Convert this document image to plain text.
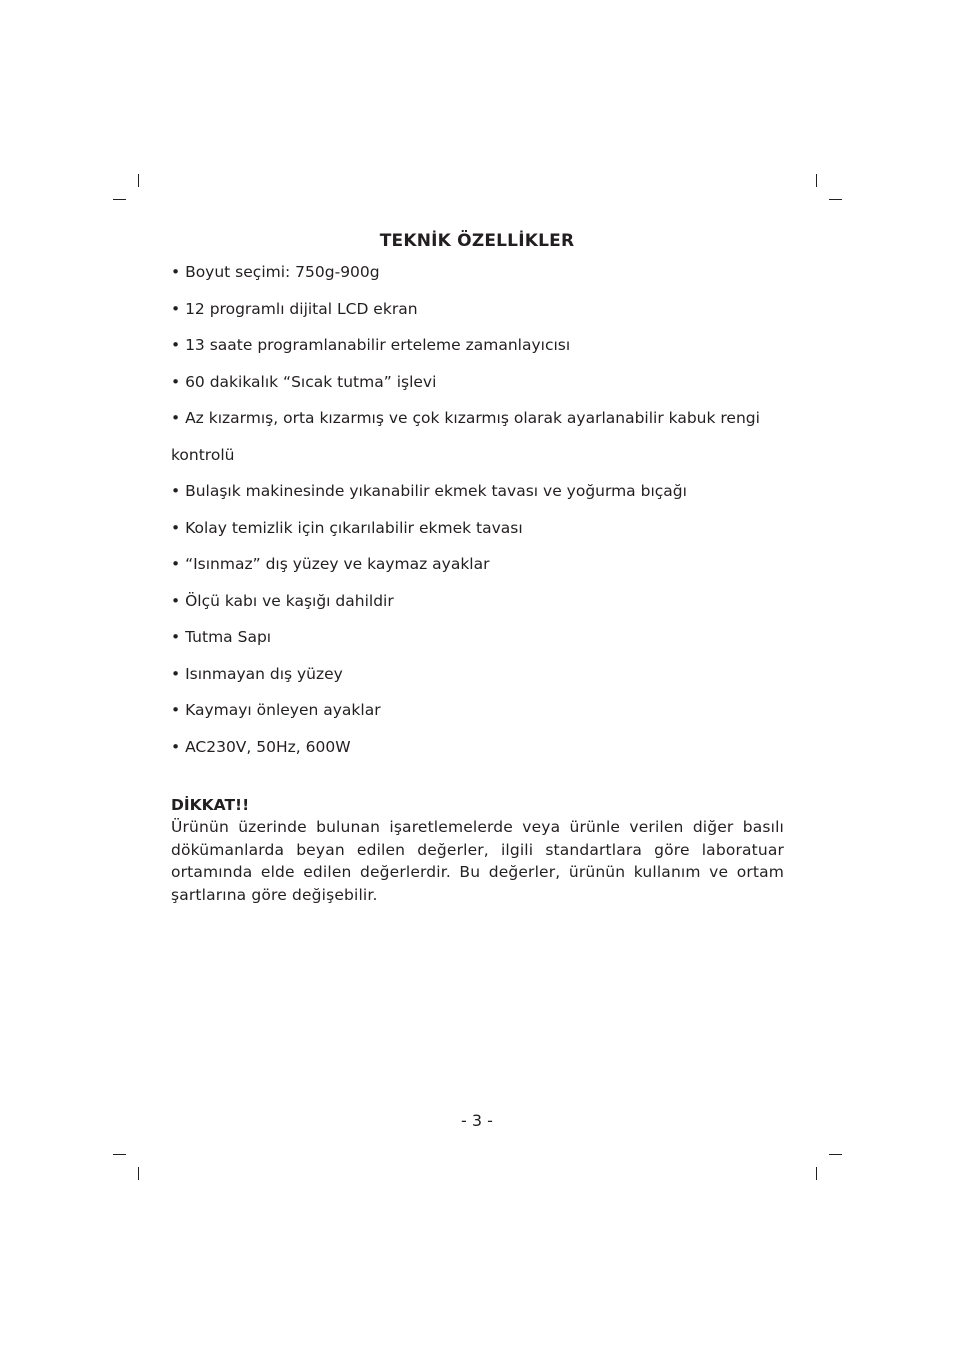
TEKNİK ÖZELLİKLER
• Boyut seçimi: 750g-900g
• 12 programlı dijital LCD ekran
• 13 saate programlanabilir erteleme zamanlayıcısı
• 60 dakikalık “Sıcak tutma” işlevi
• Az kızarmış, orta kızarmış ve çok kızarmış olarak ayarlanabilir kabuk rengi
kontrolü
• Bulaşık makinesinde yıkanabilir ekmek tavası ve yoğurma bıçağı
• Kolay temizlik için çıkarılabilir ekmek tavası
• “Isınmaz” dış yüzey ve kaymaz ayaklar
• Ölçü kabı ve kaşığı dahildir
• Tutma Sapı
• Isınmayan dış yüzey
• Kaymayı önleyen ayaklar
• AC230V, 50Hz, 600W

DİKKAT!!

Ürünün üzerinde bulunan işaretlemelerde veya ürünle verilen diğer basılı dökümanlarda beyan edilen değerler, ilgili standartlara göre laboratuar ortamında elde edilen değerlerdir. Bu değerler, ürünün kullanım ve ortam şartlarına göre değişebilir.

- 3 -
